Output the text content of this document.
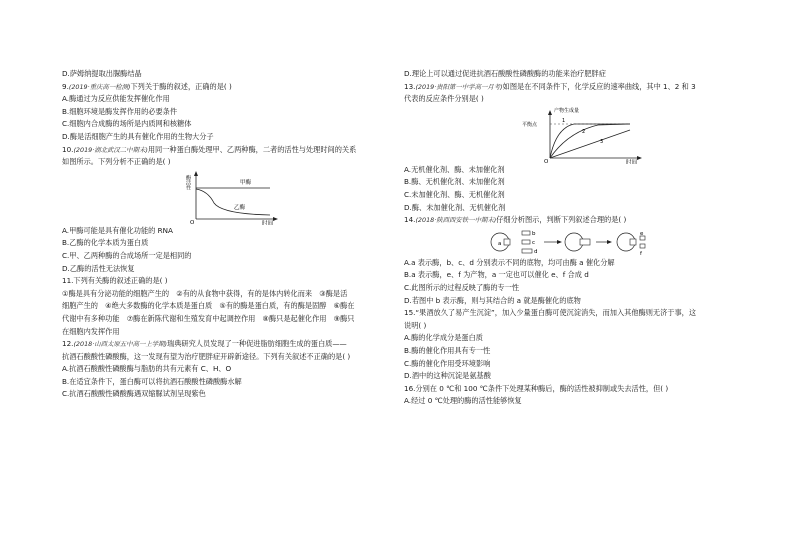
D.萨姆纳提取出脲酶结晶
9.(2019·重庆高一检测)下列关于酶的叙述，正确的是( )
A.酶通过为反应供能发挥催化作用
B.细胞环境是酶发挥作用的必要条件
C.细胞内合成酶的场所是内质网和核糖体
D.酶是活细胞产生的具有催化作用的生物大分子
10.(2019·湖北武汉二中期末)用同一种蛋白酶处理甲、乙两种酶，二者的活性与处理时间的关系
如图所示。下列分析不正确的是( )
酶活性
O	时间
甲酶
乙酶
A.甲酶可能是具有催化功能的 RNA
B.乙酶的化学本质为蛋白质
C.甲、乙两种酶的合成场所一定是相同的
D.乙酶的活性无法恢复
11.下列有关酶的叙述正确的是( )
①酶是具有分泌功能的细胞产生的　②有的从食物中获得，有的是体内转化而来　③酶是活
细胞产生的　④绝大多数酶的化学本质是蛋白质　⑤有的酶是蛋白质，有的酶是固醇　⑥酶在
代谢中有多种功能　⑦酶在新陈代谢和生殖发育中起调控作用　⑧酶只是起催化作用　⑨酶只
在细胞内发挥作用
12.(2018·山西太原五中高一上学期)瑞典研究人员发现了一种促进脂肪细胞生成的蛋白质——
抗酒石酸酸性磷酸酶，这一发现有望为治疗肥胖症开辟新途径。下列有关叙述不正确的是( )
A.抗酒石酸酸性磷酸酶与脂肪的共有元素有 C、H、O
B.在适宜条件下，蛋白酶可以将抗酒石酸酸性磷酸酶水解
C.抗酒石酸酸性磷酸酶遇双缩脲试剂呈现紫色
D.理论上可以通过促进抗酒石酸酸性磷酸酶的功能来治疗肥胖症
13.(2019·贵阳第一中学高一月考)如图是在不同条件下，化学反应的速率曲线，其中 1、2 和 3
代表的反应条件分别是( )
产物生成量
O	时间
平衡点
1
2
3
A.无机催化剂、酶、未加催化剂
B.酶、无机催化剂、未加催化剂
C.未加催化剂、酶、无机催化剂
D.酶、未加催化剂、无机催化剂
14.(2018·陕西西安铁一中期末)仔细分析图示，判断下列叙述合理的是( )
a
b
c
d
e
f
A.a 表示酶，b、c、d 分别表示不同的底物，均可由酶 a 催化分解
B.a 表示酶，e、f 为产物，a 一定也可以催化 e、f 合成 d
C.此图所示的过程反映了酶的专一性
D.若图中 b 表示酶，则与其结合的 a 就是酶催化的底物
15.“果酒放久了易产生沉淀”，加入少量蛋白酶可使沉淀消失，而加入其他酶则无济于事，这
说明( )
A.酶的化学成分是蛋白质
B.酶的催化作用具有专一性
C.酶的催化作用受环境影响
D.酒中的这种沉淀是氨基酸
16.分别在 0 ℃和 100 ℃条件下处理某种酶后，酶的活性被抑制或失去活性，但( )
A.经过 0 ℃处理的酶的活性能够恢复
